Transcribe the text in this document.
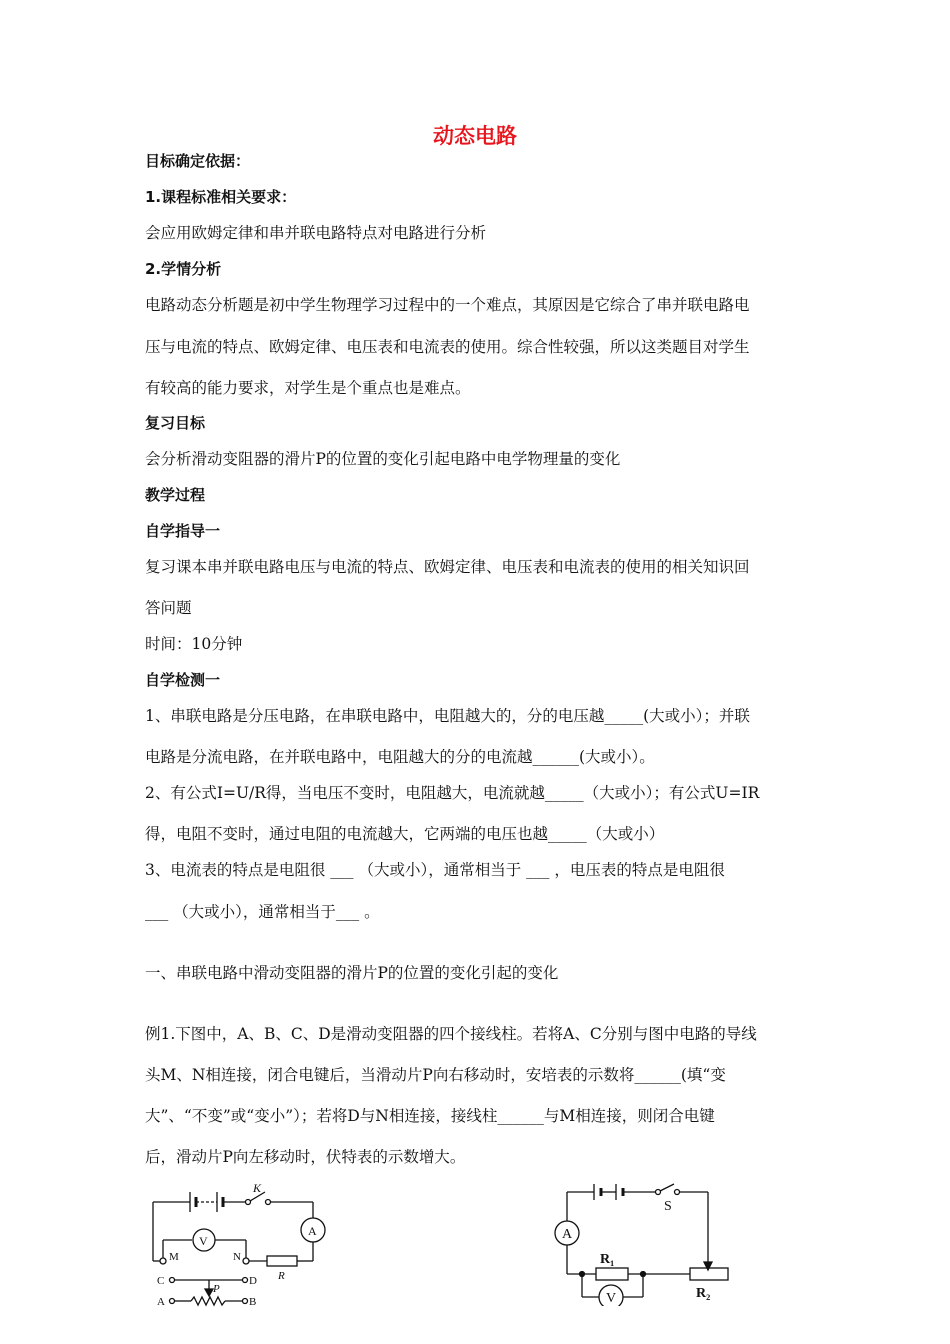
动态电路
目标确定依据：
1.课程标准相关要求：
会应用欧姆定律和串并联电路特点对电路进行分析
2.学情分析
电路动态分析题是初中学生物理学习过程中的一个难点，其原因是它综合了串并联电路电
压与电流的特点、欧姆定律、电压表和电流表的使用。综合性较强，所以这类题目对学生
有较高的能力要求，对学生是个重点也是难点。
复习目标
会分析滑动变阻器的滑片P的位置的变化引起电路中电学物理量的变化
教学过程
自学指导一
复习课本串并联电路电压与电流的特点、欧姆定律、电压表和电流表的使用的相关知识回
答问题
时间：10分钟
自学检测一
1、串联电路是分压电路，在串联电路中，电阻越大的，分的电压越_____(大或小）；并联
电路是分流电路，在并联电路中，电阻越大的分的电流越______(大或小）。
2、有公式I=U/R得，当电压不变时，电阻越大，电流就越_____（大或小）；有公式U=IR
得，电阻不变时，通过电阻的电流越大，它两端的电压也越_____（大或小）
3、电流表的特点是电阻很 ___ （大或小），通常相当于 ___ ，电压表的特点是电阻很
___ （大或小），通常相当于___ 。
一、串联电路中滑动变阻器的滑片P的位置的变化引起的变化
例1.下图中，A、B、C、D是滑动变阻器的四个接线柱。若将A、C分别与图中电路的导线
头M、N相连接，闭合电键后，当滑动片P向右移动时，安培表的示数将______(填“变
大”、“不变”或“变小”）；若将D与N相连接，接线柱______与M相连接，则闭合电键
后，滑动片P向左移动时，伏特表的示数增大。
K
A
V
M	N
R
C	D
P
A	B
S
A
V
R₁
R₂
